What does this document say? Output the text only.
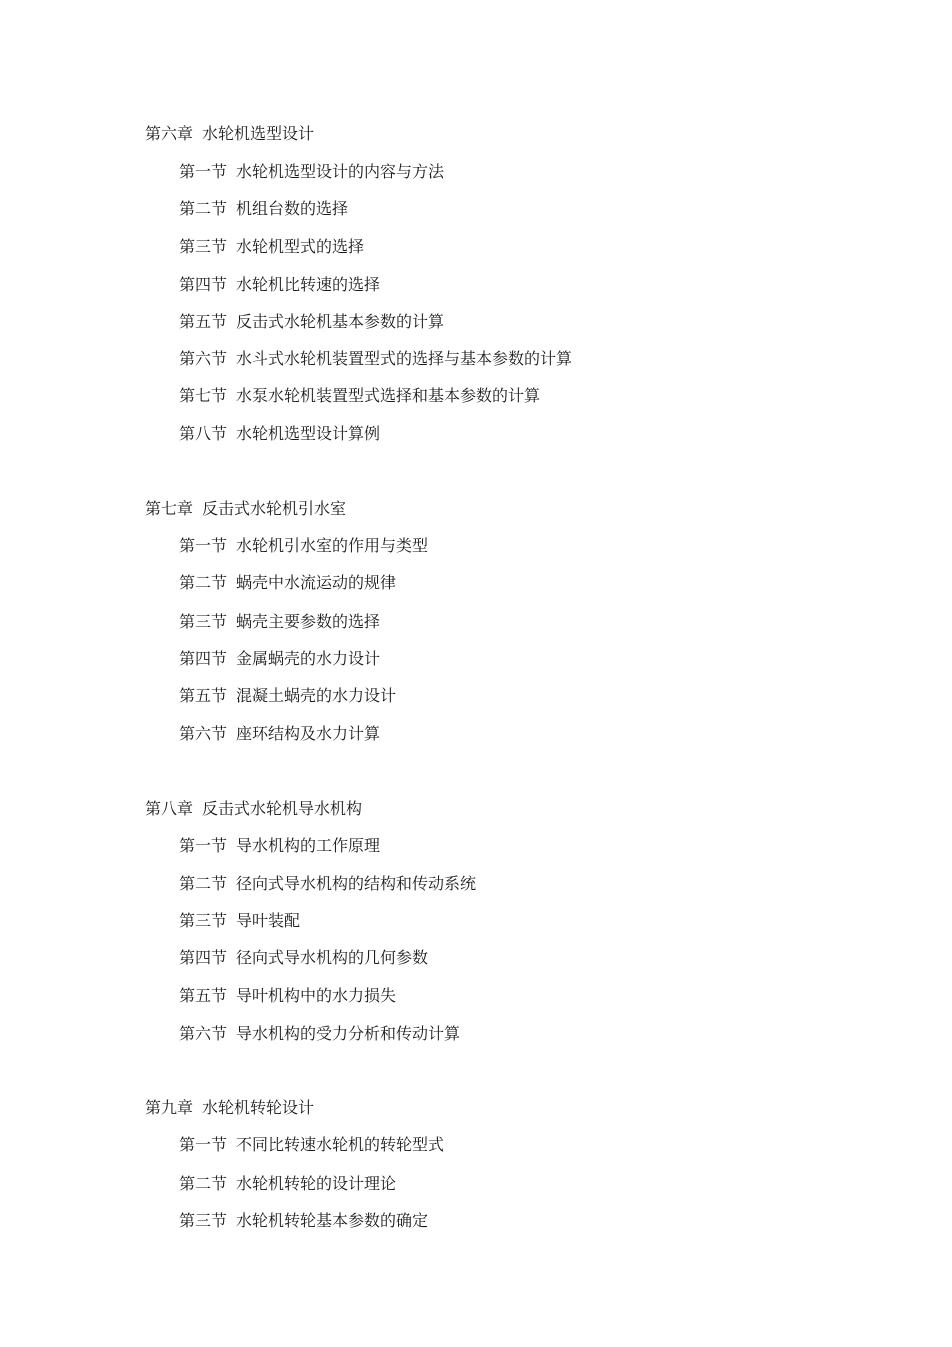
第六章 水轮机选型设计
第一节 水轮机选型设计的内容与方法
第二节 机组台数的选择
第三节 水轮机型式的选择
第四节 水轮机比转速的选择
第五节 反击式水轮机基本参数的计算
第六节 水斗式水轮机装置型式的选择与基本参数的计算
第七节 水泵水轮机装置型式选择和基本参数的计算
第八节 水轮机选型设计算例
第七章 反击式水轮机引水室
第一节 水轮机引水室的作用与类型
第二节 蜗壳中水流运动的规律
第三节 蜗壳主要参数的选择
第四节 金属蜗壳的水力设计
第五节 混凝土蜗壳的水力设计
第六节 座环结构及水力计算
第八章 反击式水轮机导水机构
第一节 导水机构的工作原理
第二节 径向式导水机构的结构和传动系统
第三节 导叶装配
第四节 径向式导水机构的几何参数
第五节 导叶机构中的水力损失
第六节 导水机构的受力分析和传动计算
第九章 水轮机转轮设计
第一节 不同比转速水轮机的转轮型式
第二节 水轮机转轮的设计理论
第三节 水轮机转轮基本参数的确定
